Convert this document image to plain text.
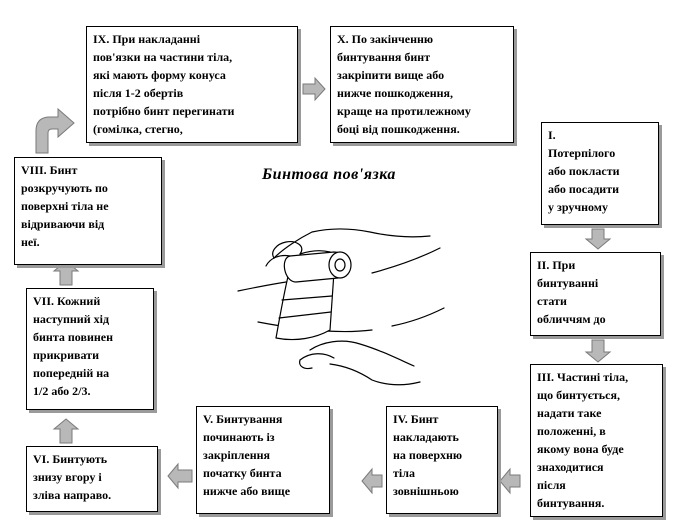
Бинтова пов'язка
IX. При накладанні
пов'язки на частини тіла,
які мають форму конуса
після 1-2 обертів
потрібно бинт перегинати
(гомілка, стегно,
X. По закінченню
бинтування бинт
закріпити вище або
нижче пошкодження,
краще на протилежному
боці від пошкодження.
VIII. Бинт
розкручують по
поверхні тіла не
відриваючи від
неї.
I.
Потерпілого
або покласти
або посадити
у зручному
II. При
бинтуванні
стати
обличчям до
VII. Кожний
наступний хід
бинта повинен
прикривати
попередній на
1/2 або 2/3.
III. Частині тіла,
що бинтується,
надати таке
положенні, в
якому вона буде
знаходитися
після
бинтування.
V. Бинтування
починають із
закріплення
початку бинта
нижче або вище
IV. Бинт
накладають
на поверхню
тіла
зовнішньою
VI. Бинтують
знизу вгору і
зліва направо.
